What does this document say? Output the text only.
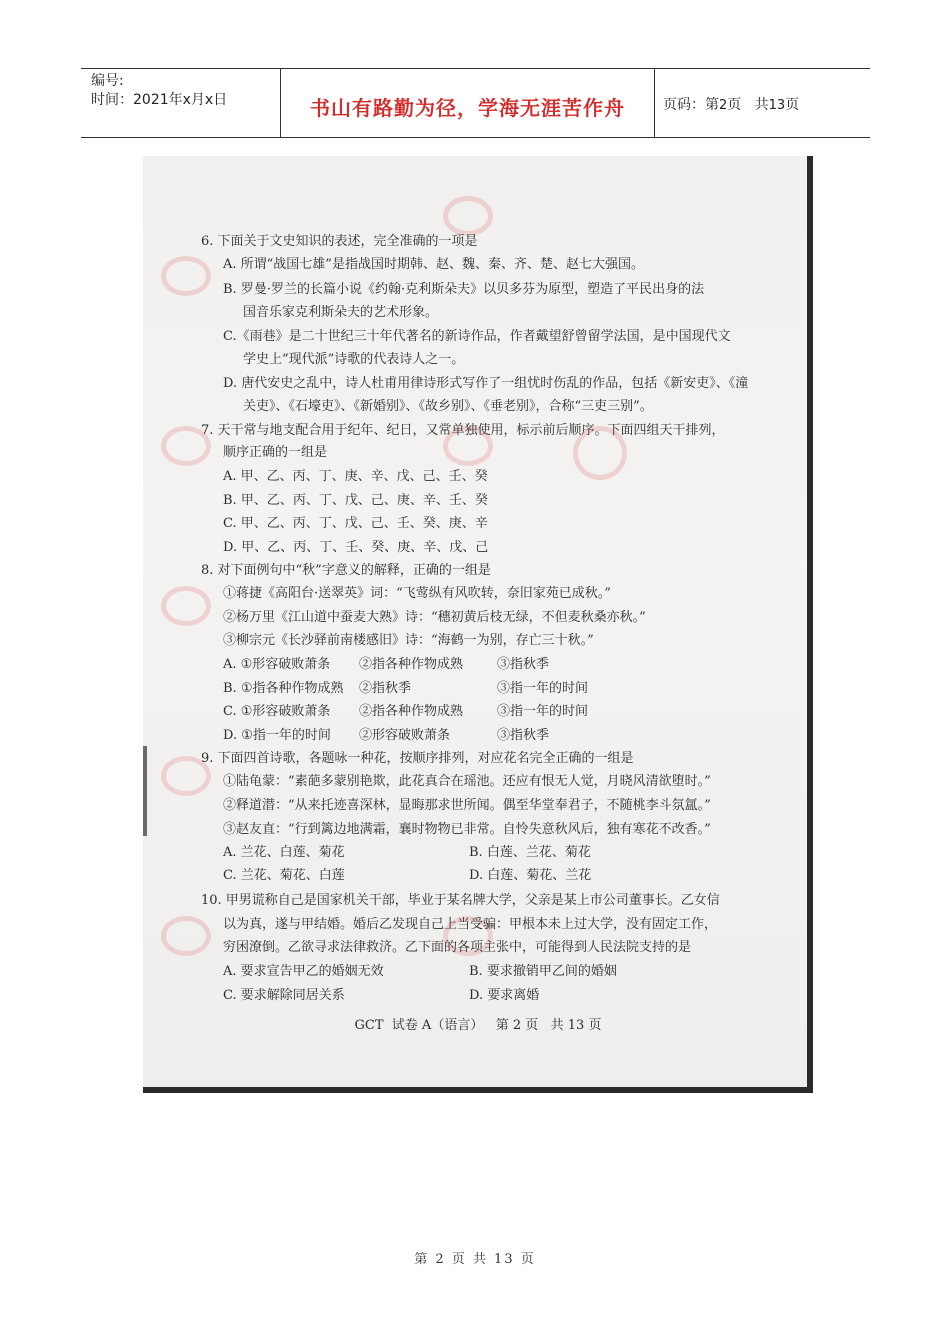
编号:
时间：2021年x月x日	书山有路勤为径，学海无涯苦作舟	页码：第2页   共13页
6. 下面关于文史知识的表述，完全准确的一项是
A. 所谓“战国七雄”是指战国时期韩、赵、魏、秦、齐、楚、赵七大强国。
B. 罗曼·罗兰的长篇小说《约翰·克利斯朵夫》以贝多芬为原型，塑造了平民出身的法
国音乐家克利斯朵夫的艺术形象。
C.《雨巷》是二十世纪三十年代著名的新诗作品，作者戴望舒曾留学法国，是中国现代文
学史上“现代派”诗歌的代表诗人之一。
D. 唐代安史之乱中，诗人杜甫用律诗形式写作了一组忧时伤乱的作品，包括《新安吏》、《潼
关吏》、《石壕吏》、《新婚别》、《故乡别》、《垂老别》，合称“三吏三别”。
7. 天干常与地支配合用于纪年、纪日，又常单独使用，标示前后顺序。下面四组天干排列，
顺序正确的一组是
A. 甲、乙、丙、丁、庚、辛、戊、己、壬、癸
B. 甲、乙、丙、丁、戊、己、庚、辛、壬、癸
C. 甲、乙、丙、丁、戊、己、壬、癸、庚、辛
D. 甲、乙、丙、丁、壬、癸、庚、辛、戊、己
8. 对下面例句中“秋”字意义的解释，正确的一组是
①蒋捷《高阳台·送翠英》词：“飞莺纵有风吹转，奈旧家苑已成秋。”
②杨万里《江山道中蚕麦大熟》诗：“穗初黄后枝无绿，不但麦秋桑亦秋。”
③柳宗元《长沙驿前南楼感旧》诗：“海鹤一为别，存亡三十秋。”
A. ①形容破败萧条 ②指各种作物成熟	③指秋季
B. ①指各种作物成熟 ②指秋季	③指一年的时间
C. ①形容破败萧条 ②指各种作物成熟	③指一年的时间
D. ①指一年的时间 ②形容破败萧条	③指秋季
9. 下面四首诗歌，各题咏一种花，按顺序排列，对应花名完全正确的一组是
①陆龟蒙：“素葩多蒙别艳欺，此花真合在瑶池。还应有恨无人觉，月晓风清欲堕时。”
②释道潜：“从来托迹喜深林，显晦那求世所闻。偶至华堂奉君子，不随桃李斗氛氲。”
③赵友直：“行到篱边地满霜，襄时物物已非常。自怜失意秋风后，独有寒花不改香。”
A. 兰花、白莲、菊花	B. 白莲、兰花、菊花
C. 兰花、菊花、白莲	D. 白莲、菊花、兰花
10. 甲男谎称自己是国家机关干部，毕业于某名牌大学，父亲是某上市公司董事长。乙女信
以为真，遂与甲结婚。婚后乙发现自己上当受骗：甲根本未上过大学，没有固定工作，
穷困潦倒。乙欲寻求法律救济。乙下面的各项主张中，可能得到人民法院支持的是
A. 要求宣告甲乙的婚姻无效	B. 要求撤销甲乙间的婚姻
C. 要求解除同居关系	D. 要求离婚
GCT  试卷 A（语言）   第 2 页   共 13 页
第 2 页 共 13 页
